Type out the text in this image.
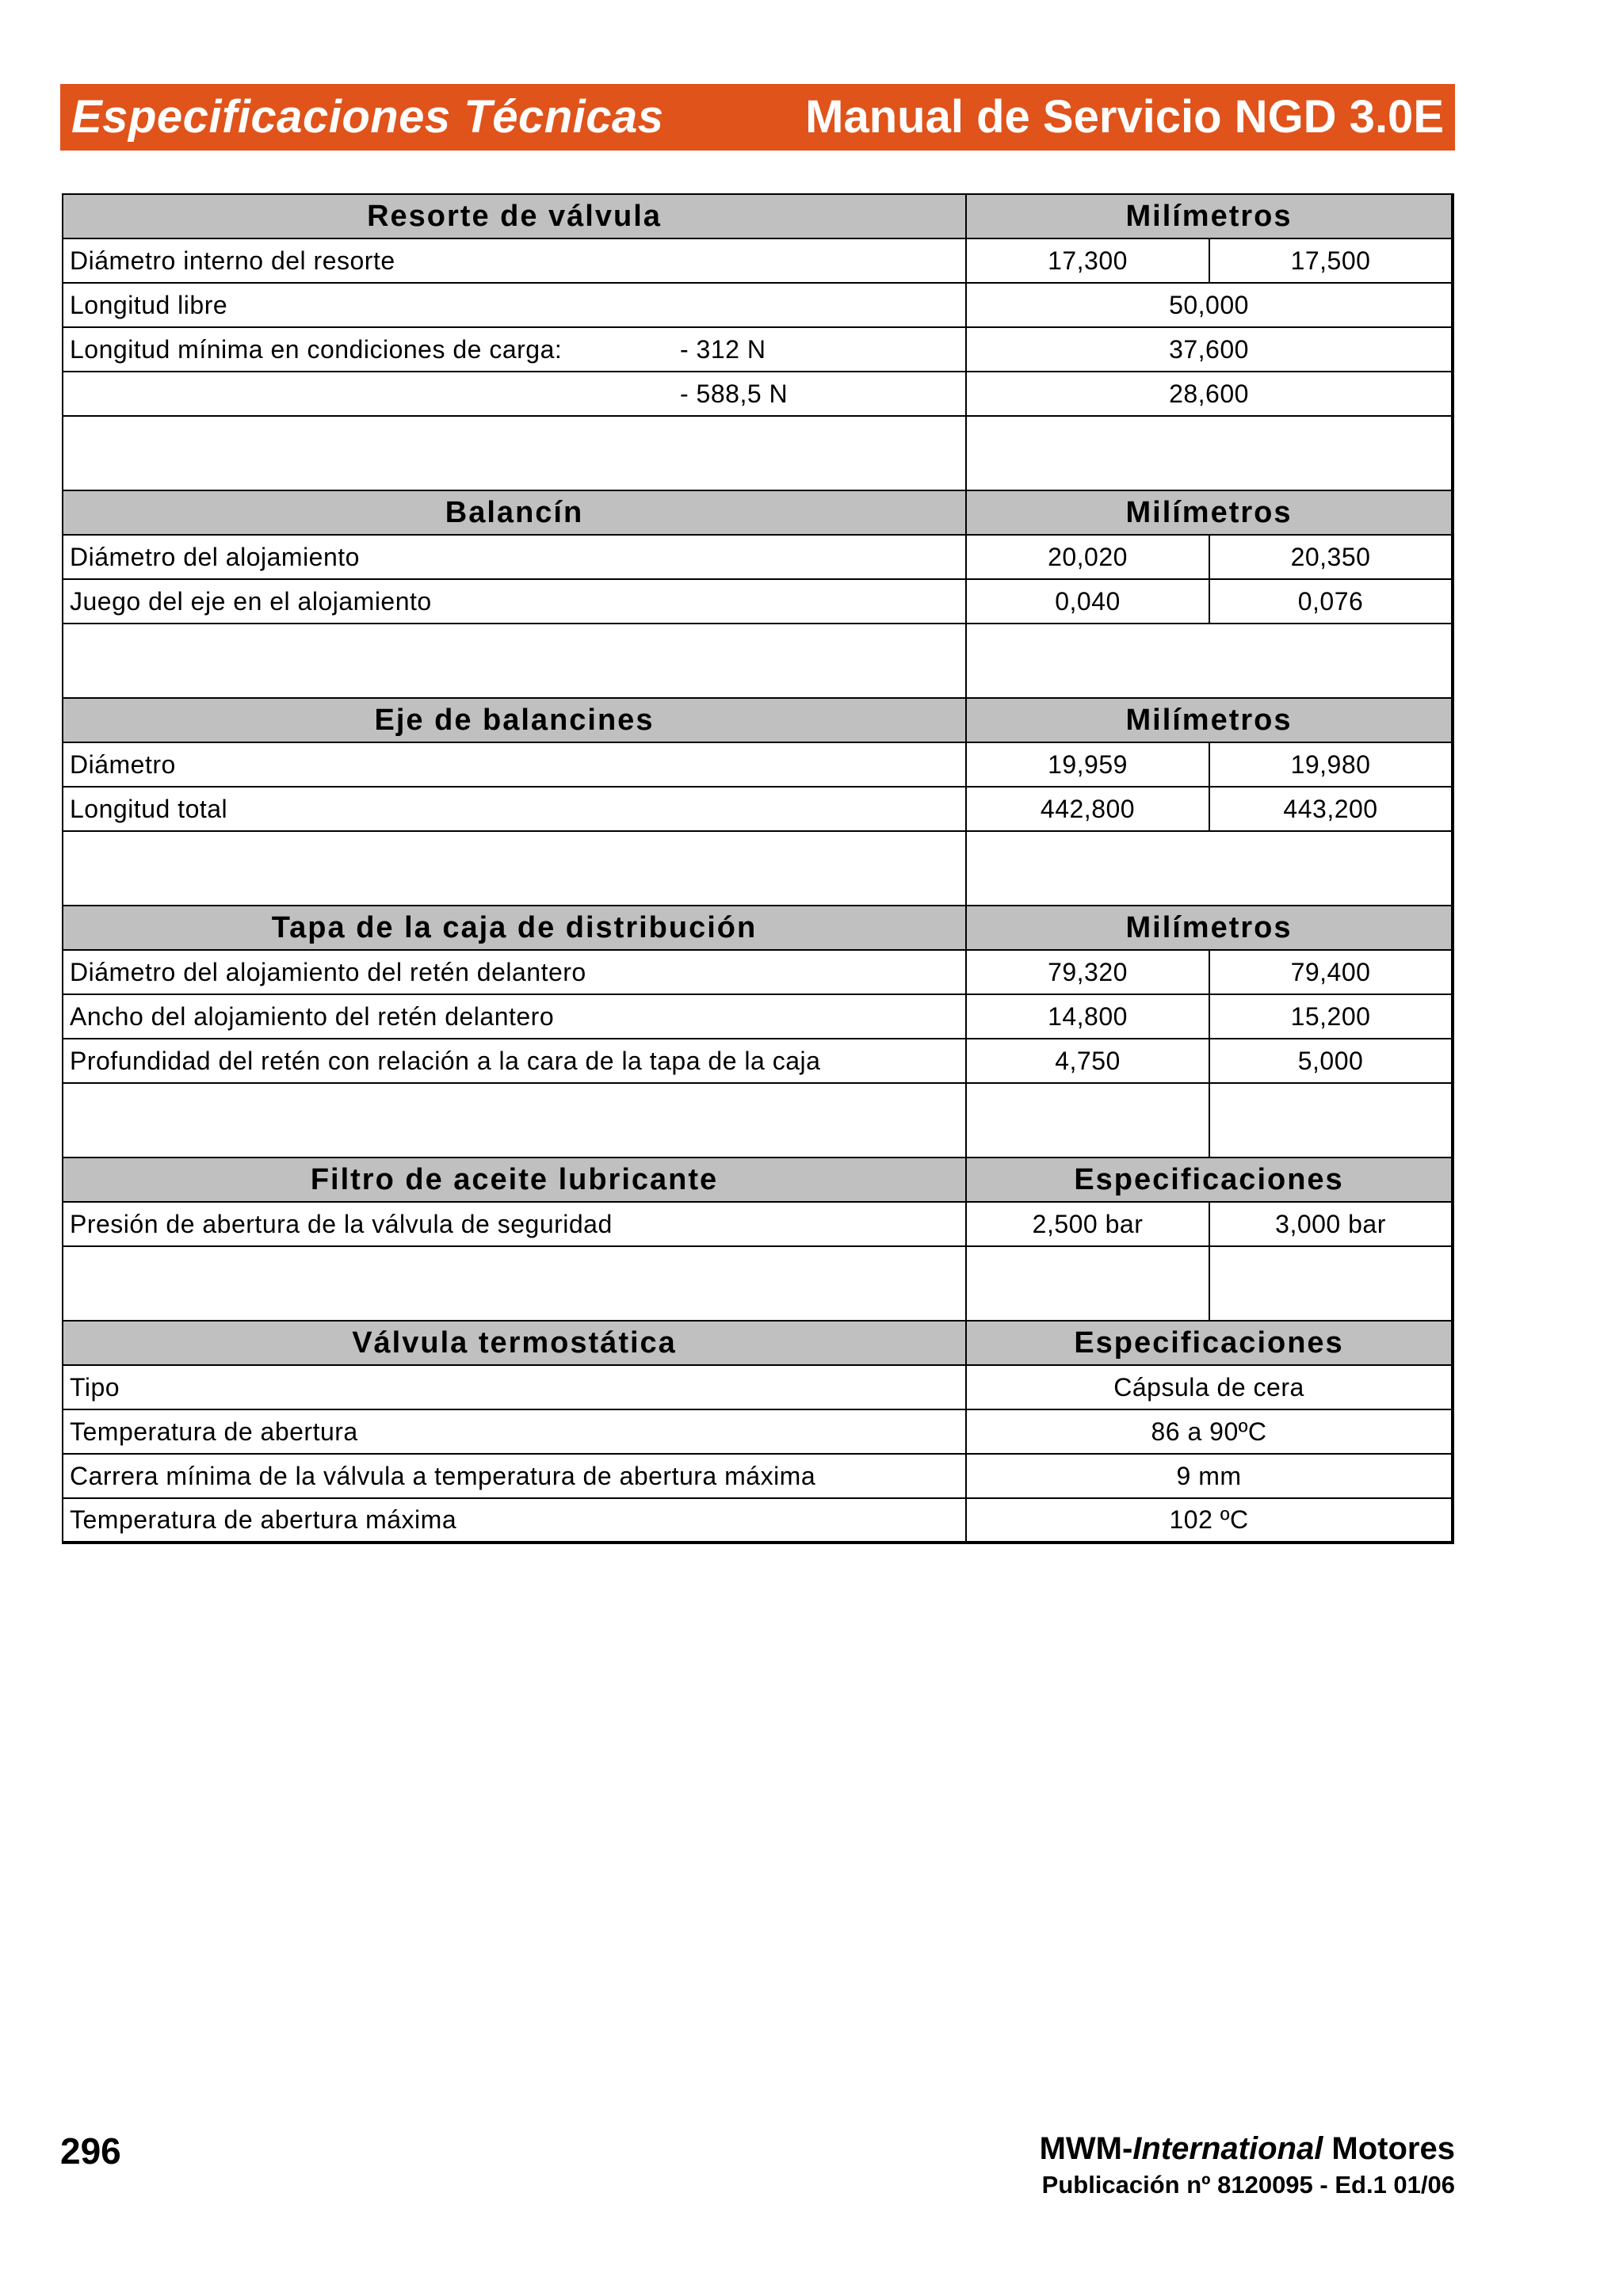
Especificaciones Técnicas	Manual de Servicio NGD 3.0E
Resorte de válvula	Milímetros	
Diámetro interno del resorte	17,300	17,500
Longitud libre	50,000	
Longitud mínima en condiciones de carga: - 312 N	37,600	
- 588,5 N	28,600	

Balancín	Milímetros	
Diámetro del alojamiento	20,020	20,350
Juego del eje en el alojamiento	0,040	0,076

Eje de balancines	Milímetros	
Diámetro	19,959	19,980
Longitud total	442,800	443,200

Tapa de la caja de distribución	Milímetros	
Diámetro del alojamiento del retén delantero	79,320	79,400
Ancho del alojamiento del retén delantero	14,800	15,200
Profundidad del retén con relación a la cara de la tapa de la caja	4,750	5,000

Filtro de aceite lubricante	Especificaciones	
Presión de abertura de la válvula de seguridad	2,500 bar	3,000 bar

Válvula termostática	Especificaciones	
Tipo	Cápsula de cera	
Temperatura de abertura	86 a 90ºC	
Carrera mínima de la válvula a temperatura de abertura máxima	9 mm	
Temperatura de abertura máxima	102 ºC	
296	MWM-International Motores
Publicación nº 8120095 - Ed.1 01/06
